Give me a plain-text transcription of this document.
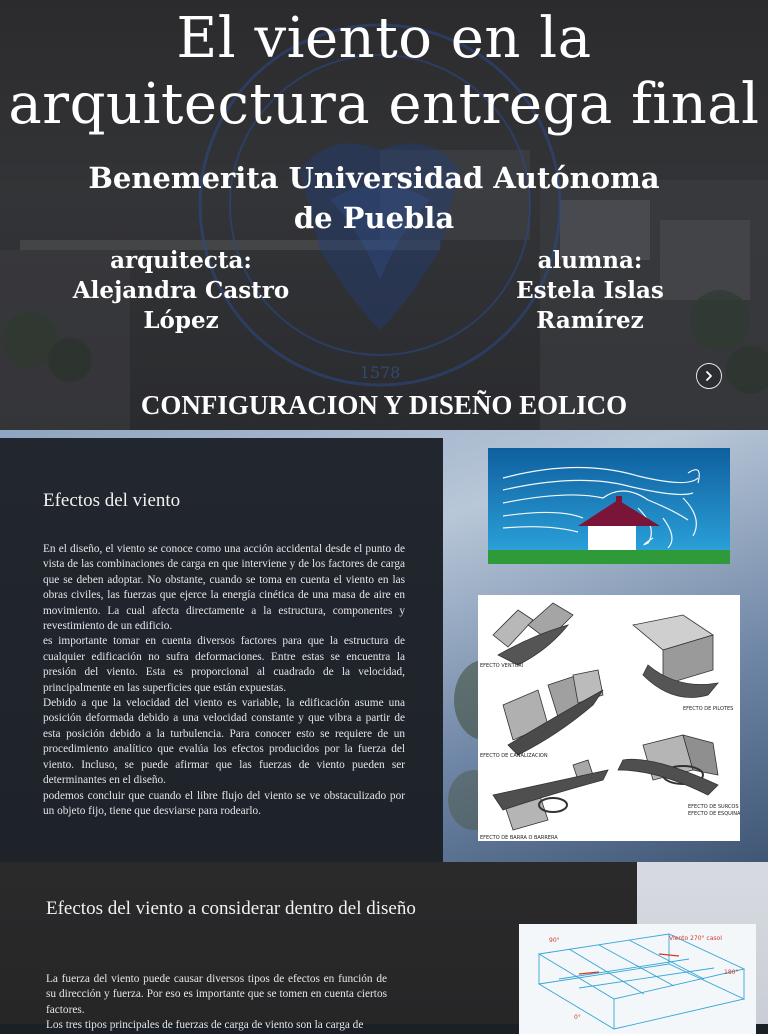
1578
El viento en la
arquitectura entrega final
Benemerita Universidad Autónoma
de Puebla
arquitecta:
Alejandra Castro
López
alumna:
Estela Islas
Ramírez
CONFIGURACION Y DISEÑO EOLICO
Efectos del viento

En el diseño, el viento se conoce como una acción accidental desde el punto de vista de las combinaciones de carga en que interviene y de los factores de carga que se deben adoptar. No obstante, cuando se toma en cuenta el viento en las obras civiles, las fuerzas que ejerce la energía cinética de una masa de aire en movimiento. La cual afecta directamente a la estructura, componentes y revestimiento de un edificio.

es importante tomar en cuenta diversos factores para que la estructura de cualquier edificación no sufra deformaciones. Entre estas se encuentra la presión del viento. Esta es proporcional al cuadrado de la velocidad, principalmente en las superficies que están expuestas.

Debido a que la velocidad del viento es variable, la edificación asume una posición deformada debido a una velocidad constante y que vibra a partir de esta posición debido a la turbulencia. Para conocer esto se requiere de un procedimiento analítico que evalúa los efectos producidos por la fuerza del viento. Incluso, se puede afirmar que las fuerzas de viento pueden ser determinantes en el diseño.

podemos concluir que cuando el libre flujo del viento se ve obstaculizado por un objeto fijo, tiene que desviarse para rodearlo.

EFECTO VENTURI
EFECTO DE PILOTES
EFECTO DE CANALIZACION
EFECTO DE SURCOS
EFECTO DE ESQUINA
EFECTO DE BARRA O BARRERA
Efectos del viento a considerar dentro del diseño

La fuerza del viento puede causar diversos tipos de efectos en función de su dirección y fuerza. Por eso es importante que se tomen en cuenta ciertos factores.

Los tres tipos principales de fuerzas de carga de viento son la carga de

90°	Viento 270° casoI
180°
0°
